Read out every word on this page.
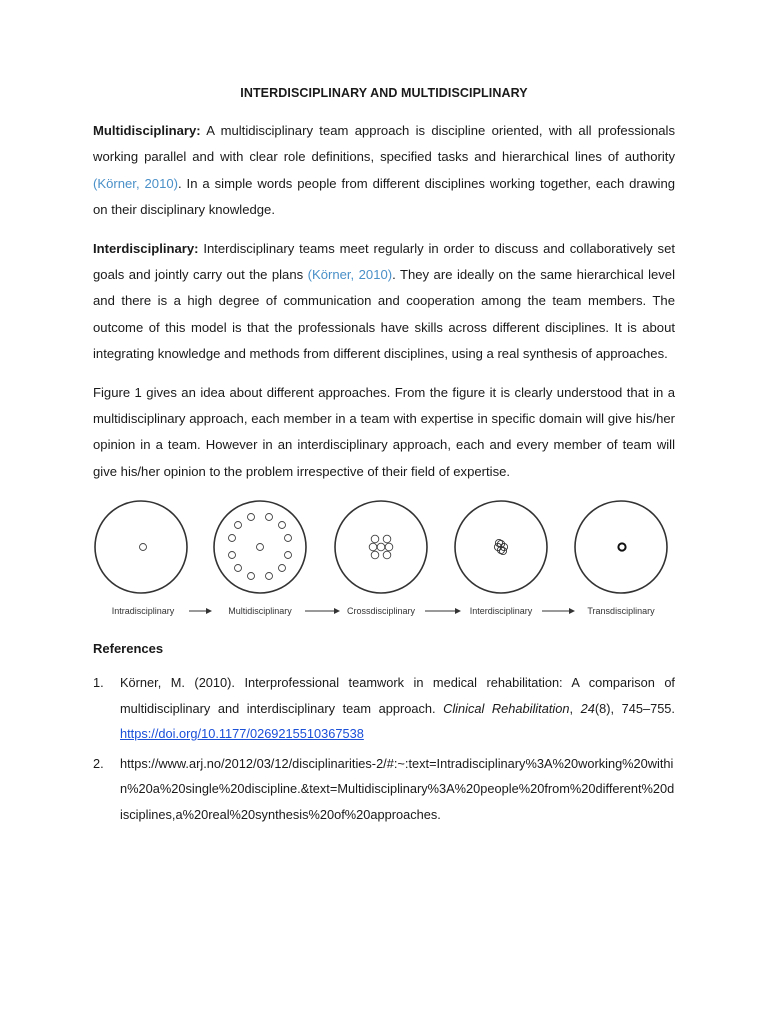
INTERDISCIPLINARY AND MULTIDISCIPLINARY

Multidisciplinary: A multidisciplinary team approach is discipline oriented, with all professionals working parallel and with clear role definitions, specified tasks and hierarchical lines of authority (Körner, 2010). In a simple words people from different disciplines working together, each drawing on their disciplinary knowledge.

Interdisciplinary: Interdisciplinary teams meet regularly in order to discuss and collaboratively set goals and jointly carry out the plans (Körner, 2010). They are ideally on the same hierarchical level and there is a high degree of communication and cooperation among the team members. The outcome of this model is that the professionals have skills across different disciplines. It is about integrating knowledge and methods from different disciplines, using a real synthesis of approaches.

Figure 1 gives an idea about different approaches. From the figure it is clearly understood that in a multidisciplinary approach, each member in a team with expertise in specific domain will give his/her opinion in a team. However in an interdisciplinary approach, each and every member of team will give his/her opinion to the problem irrespective of their field of expertise.

Intradisciplinary	Multidisciplinary	Crossdisciplinary	Interdisciplinary	Transdisciplinary
References
1. Körner, M. (2010). Interprofessional teamwork in medical rehabilitation: A comparison of multidisciplinary and interdisciplinary team approach. Clinical Rehabilitation, 24(8), 745–755. https://doi.org/10.1177/0269215510367538
2. https://www.arj.no/2012/03/12/disciplinarities-2/#:~:text=Intradisciplinary%3A%20working%20within%20a%20single%20discipline.&text=Multidisciplinary%3A%20people%20from%20different%20disciplines,a%20real%20synthesis%20of%20approaches.
